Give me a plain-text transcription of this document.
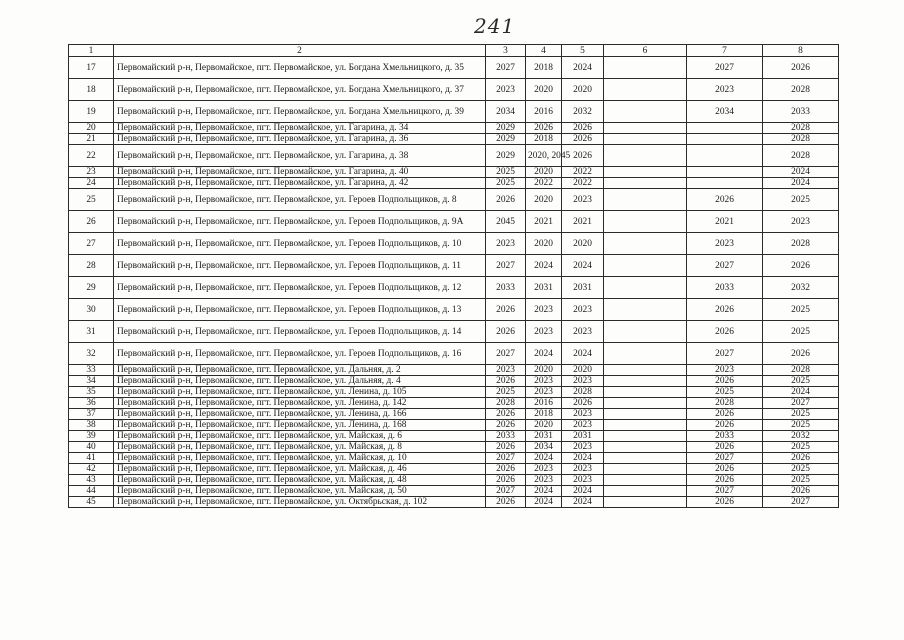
241
1	2	3	4	5	6	7	8
17	Первомайский р-н, Первомайское, пгт. Первомайское, ул. Богдана Хмельницкого, д. 35	2027	2018	2024		2027	2026
18	Первомайский р-н, Первомайское, пгт. Первомайское, ул. Богдана Хмельницкого, д. 37	2023	2020	2020		2023	2028
19	Первомайский р-н, Первомайское, пгт. Первомайское, ул. Богдана Хмельницкого, д. 39	2034	2016	2032		2034	2033
20	Первомайский р-н, Первомайское, пгт. Первомайское, ул. Гагарина, д. 34	2029	2026	2026			2028
21	Первомайский р-н, Первомайское, пгт. Первомайское, ул. Гагарина, д. 36	2029	2018	2026			2028
22	Первомайский р-н, Первомайское, пгт. Первомайское, ул. Гагарина, д. 38	2029	2020, 2045	2026			2028
23	Первомайский р-н, Первомайское, пгт. Первомайское, ул. Гагарина, д. 40	2025	2020	2022			2024
24	Первомайский р-н, Первомайское, пгт. Первомайское, ул. Гагарина, д. 42	2025	2022	2022			2024
25	Первомайский р-н, Первомайское, пгт. Первомайское, ул. Героев Подпольщиков, д. 8	2026	2020	2023		2026	2025
26	Первомайский р-н, Первомайское, пгт. Первомайское, ул. Героев Подпольщиков, д. 9А	2045	2021	2021		2021	2023
27	Первомайский р-н, Первомайское, пгт. Первомайское, ул. Героев Подпольщиков, д. 10	2023	2020	2020		2023	2028
28	Первомайский р-н, Первомайское, пгт. Первомайское, ул. Героев Подпольщиков, д. 11	2027	2024	2024		2027	2026
29	Первомайский р-н, Первомайское, пгт. Первомайское, ул. Героев Подпольщиков, д. 12	2033	2031	2031		2033	2032
30	Первомайский р-н, Первомайское, пгт. Первомайское, ул. Героев Подпольщиков, д. 13	2026	2023	2023		2026	2025
31	Первомайский р-н, Первомайское, пгт. Первомайское, ул. Героев Подпольщиков, д. 14	2026	2023	2023		2026	2025
32	Первомайский р-н, Первомайское, пгт. Первомайское, ул. Героев Подпольщиков, д. 16	2027	2024	2024		2027	2026
33	Первомайский р-н, Первомайское, пгт. Первомайское, ул. Дальняя, д. 2	2023	2020	2020		2023	2028
34	Первомайский р-н, Первомайское, пгт. Первомайское, ул. Дальняя, д. 4	2026	2023	2023		2026	2025
35	Первомайский р-н, Первомайское, пгт. Первомайское, ул. Ленина, д. 105	2025	2023	2028		2025	2024
36	Первомайский р-н, Первомайское, пгт. Первомайское, ул. Ленина, д. 142	2028	2016	2026		2028	2027
37	Первомайский р-н, Первомайское, пгт. Первомайское, ул. Ленина, д. 166	2026	2018	2023		2026	2025
38	Первомайский р-н, Первомайское, пгт. Первомайское, ул. Ленина, д. 168	2026	2020	2023		2026	2025
39	Первомайский р-н, Первомайское, пгт. Первомайское, ул. Майская, д. 6	2033	2031	2031		2033	2032
40	Первомайский р-н, Первомайское, пгт. Первомайское, ул. Майская, д. 8	2026	2034	2023		2026	2025
41	Первомайский р-н, Первомайское, пгт. Первомайское, ул. Майская, д. 10	2027	2024	2024		2027	2026
42	Первомайский р-н, Первомайское, пгт. Первомайское, ул. Майская, д. 46	2026	2023	2023		2026	2025
43	Первомайский р-н, Первомайское, пгт. Первомайское, ул. Майская, д. 48	2026	2023	2023		2026	2025
44	Первомайский р-н, Первомайское, пгт. Первомайское, ул. Майская, д. 50	2027	2024	2024		2027	2026
45	Первомайский р-н, Первомайское, пгт. Первомайское, ул. Октябрьская, д. 102	2026	2024	2024		2026	2027
